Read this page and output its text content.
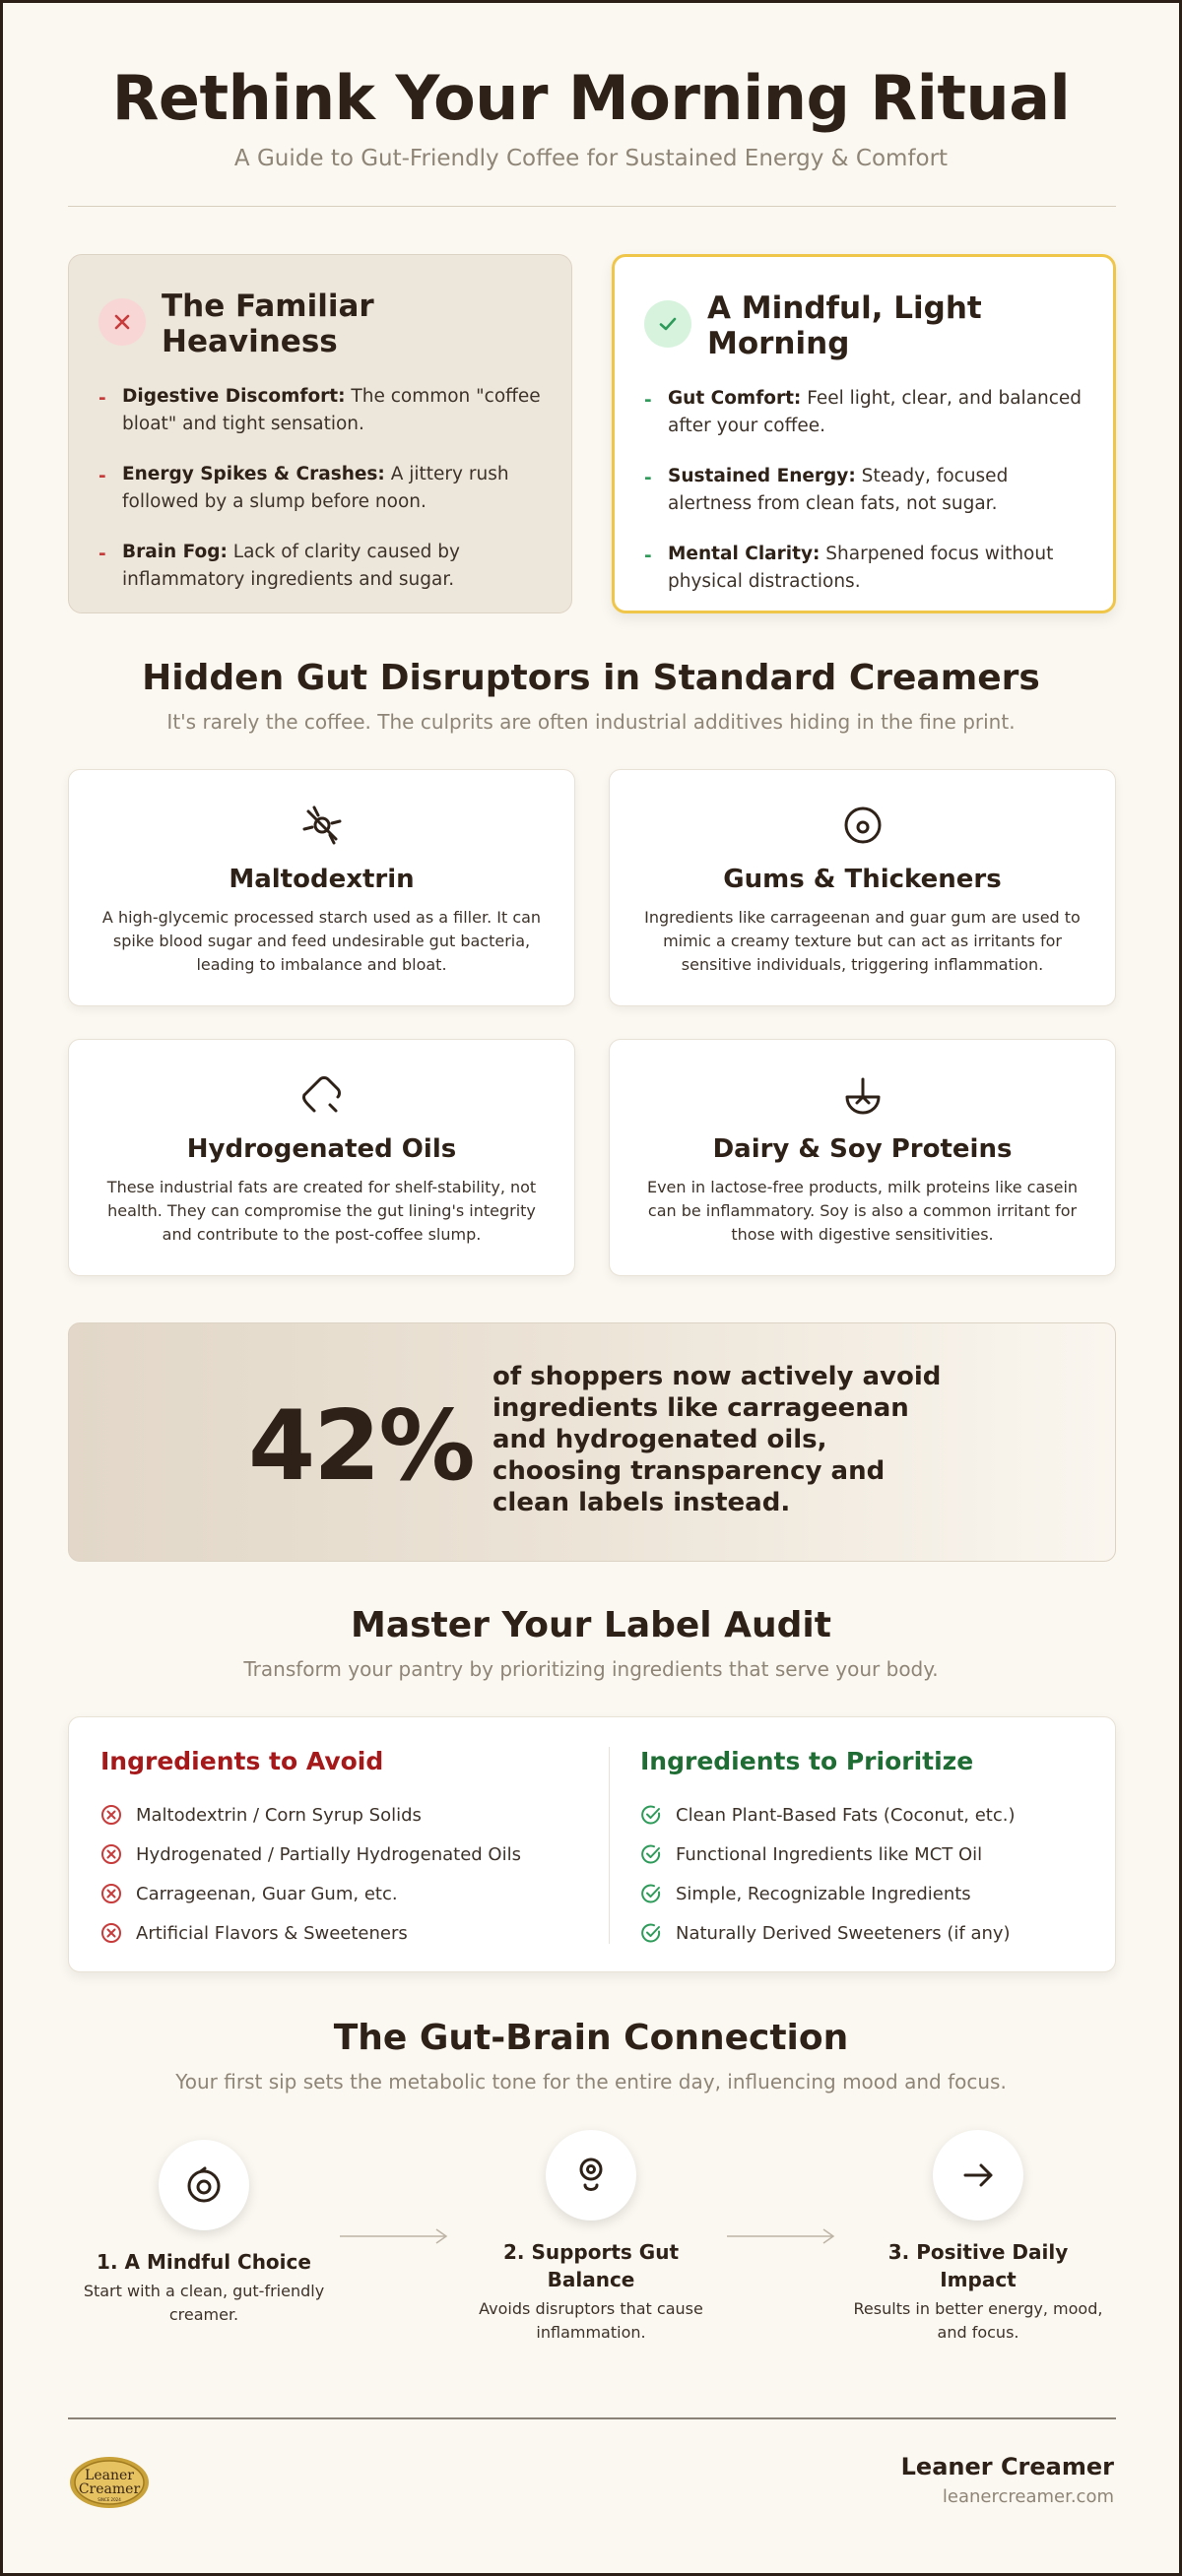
Rethink Your Morning Ritual
A Guide to Gut-Friendly Coffee for Sustained Energy & Comfort
The Familiar Heaviness
- Digestive Discomfort: The common "coffee bloat" and tight sensation.
- Energy Spikes & Crashes: A jittery rush followed by a slump before noon.
- Brain Fog: Lack of clarity caused by inflammatory ingredients and sugar.
A Mindful, Light Morning
- Gut Comfort: Feel light, clear, and balanced after your coffee.
- Sustained Energy: Steady, focused alertness from clean fats, not sugar.
- Mental Clarity: Sharpened focus without physical distractions.
Hidden Gut Disruptors in Standard Creamers
It's rarely the coffee. The culprits are often industrial additives hiding in the fine print.
Maltodextrin
A high-glycemic processed starch used as a filler. It can spike blood sugar and feed undesirable gut bacteria, leading to imbalance and bloat.
Gums & Thickeners
Ingredients like carrageenan and guar gum are used to mimic a creamy texture but can act as irritants for sensitive individuals, triggering inflammation.
Hydrogenated Oils
These industrial fats are created for shelf-stability, not health. They can compromise the gut lining's integrity and contribute to the post-coffee slump.
Dairy & Soy Proteins
Even in lactose-free products, milk proteins like casein can be inflammatory. Soy is also a common irritant for those with digestive sensitivities.
42%
of shoppers now actively avoid ingredients like carrageenan and hydrogenated oils, choosing transparency and clean labels instead.
Master Your Label Audit
Transform your pantry by prioritizing ingredients that serve your body.
Ingredients to Avoid
Maltodextrin / Corn Syrup Solids
Hydrogenated / Partially Hydrogenated Oils
Carrageenan, Guar Gum, etc.
Artificial Flavors & Sweeteners
Ingredients to Prioritize
Clean Plant-Based Fats (Coconut, etc.)
Functional Ingredients like MCT Oil
Simple, Recognizable Ingredients
Naturally Derived Sweeteners (if any)
The Gut-Brain Connection
Your first sip sets the metabolic tone for the entire day, influencing mood and focus.
1. A Mindful Choice
Start with a clean, gut-friendly creamer.
2. Supports Gut Balance
Avoids disruptors that cause inflammation.
3. Positive Daily Impact
Results in better energy, mood, and focus.
Leaner
Creamer
SINCE 2024
Leaner Creamer
leanercreamer.com
